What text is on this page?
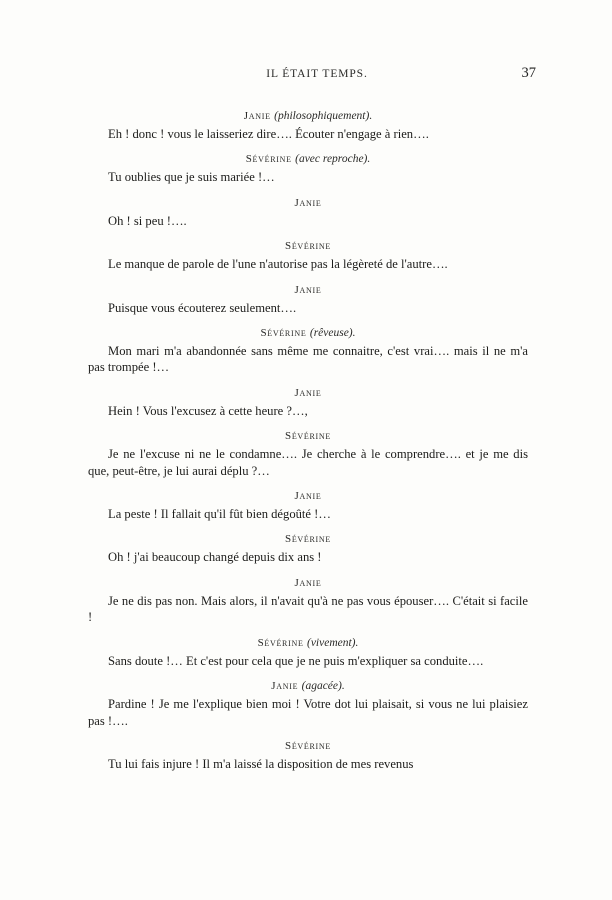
IL ÉTAIT TEMPS.	37
Janie (philosophiquement).

Eh ! donc ! vous le laisseriez dire…. Écouter n'engage à rien….

Sévérine (avec reproche).

Tu oublies que je suis mariée !…

Janie

Oh ! si peu !….

Sévérine

Le manque de parole de l'une n'autorise pas la légèreté de l'autre….

Janie

Puisque vous écouterez seulement….

Sévérine (rêveuse).

Mon mari m'a abandonnée sans même me connaitre, c'est vrai…. mais il ne m'a pas trompée !…

Janie

Hein ! Vous l'excusez à cette heure ?…,

Sévérine

Je ne l'excuse ni ne le condamne…. Je cherche à le comprendre…. et je me dis que, peut-être, je lui aurai déplu ?…

Janie

La peste ! Il fallait qu'il fût bien dégoûté !…

Sévérine

Oh ! j'ai beaucoup changé depuis dix ans !

Janie

Je ne dis pas non. Mais alors, il n'avait qu'à ne pas vous épouser…. C'était si facile !

Sévérine (vivement).

Sans doute !… Et c'est pour cela que je ne puis m'expliquer sa conduite….

Janie (agacée).

Pardine ! Je me l'explique bien moi ! Votre dot lui plaisait, si vous ne lui plaisiez pas !….

Sévérine

Tu lui fais injure ! Il m'a laissé la disposition de mes revenus
